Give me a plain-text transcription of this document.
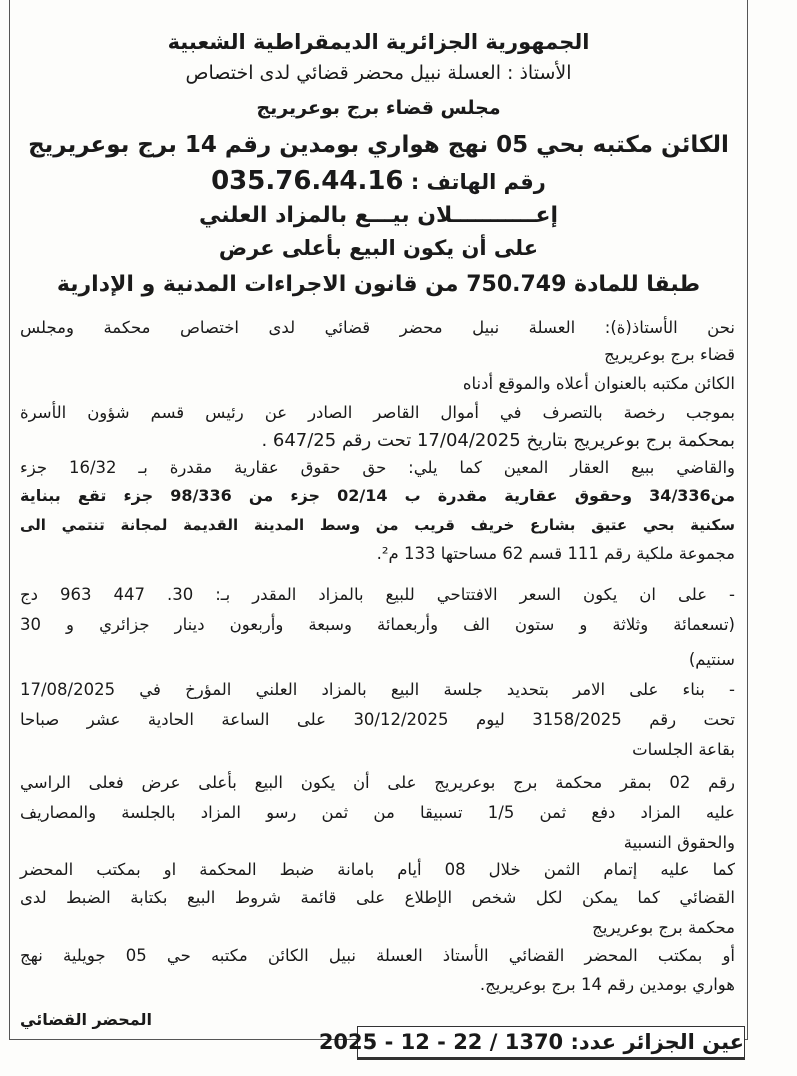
الجمهورية الجزائرية الديمقراطية الشعبية
الأستاذ : العسلة نبيل محضر قضائي لدى اختصاص
مجلس قضاء برج بوعريريج
الكائن مكتبه بحي 05 نهج هواري بومدين رقم 14 برج بوعريريج
رقم الهاتف : 035.76.44.16
إعـــــــــــلان بيـــع بالمزاد العلني
على أن يكون البيع بأعلى عرض
طبقا للمادة 750.749 من قانون الاجراءات المدنية و الإدارية
نحن الأستاذ(ة): العسلة نبيل محضر قضائي لدى اختصاص محكمة ومجلس
قضاء برج بوعريريج
الكائن مكتبه بالعنوان أعلاه والموقع أدناه
بموجب رخصة بالتصرف في أموال القاصر الصادر عن رئيس قسم شؤون الأسرة
بمحكمة برج بوعريريج بتاريخ 17/04/2025 تحت رقم 647/25 .
والقاضي ببيع العقار المعين كما يلي: حق حقوق عقارية مقدرة بـ 16/32 جزء
من34/336 وحقوق عقارية مقدرة ب 02/14 جزء من 98/336 جزء تقع ببناية
سكنية بحي عتيق بشارع خريف قريب من وسط المدينة القديمة لمجانة تنتمي الى
مجموعة ملكية رقم 111 قسم 62 مساحتها 133 م².
- على ان يكون السعر الافتتاحي للبيع بالمزاد المقدر بـ: 30. 447 963 دج
(تسعمائة وثلاثة و ستون الف وأربعمائة وسبعة وأربعون دينار جزائري و 30
سنتيم)
- بناء على الامر بتحديد جلسة البيع بالمزاد العلني المؤرخ في 17/08/2025
تحت رقم 3158/2025 ليوم 30/12/2025 على الساعة الحادية عشر صباحا
بقاعة الجلسات
رقم 02 بمقر محكمة برج بوعريريج على أن يكون البيع بأعلى عرض فعلى الراسي
عليه المزاد دفع ثمن 1/5 تسبيقا من ثمن رسو المزاد بالجلسة والمصاريف
والحقوق النسبية
كما عليه إتمام الثمن خلال 08 أيام بامانة ضبط المحكمة او بمكتب المحضر
القضائي كما يمكن لكل شخص الإطلاع على قائمة شروط البيع بكتابة الضبط لدى
محكمة برج بوعريريج
أو بمكتب المحضر القضائي الأستاذ العسلة نبيل الكائن مكتبه حي 05 جويلية نهج
هواري بومدين رقم 14 برج بوعريريج.
المحضر القضائي
عين الجزائر عدد: 1370 / 22 - 12 - 2025
